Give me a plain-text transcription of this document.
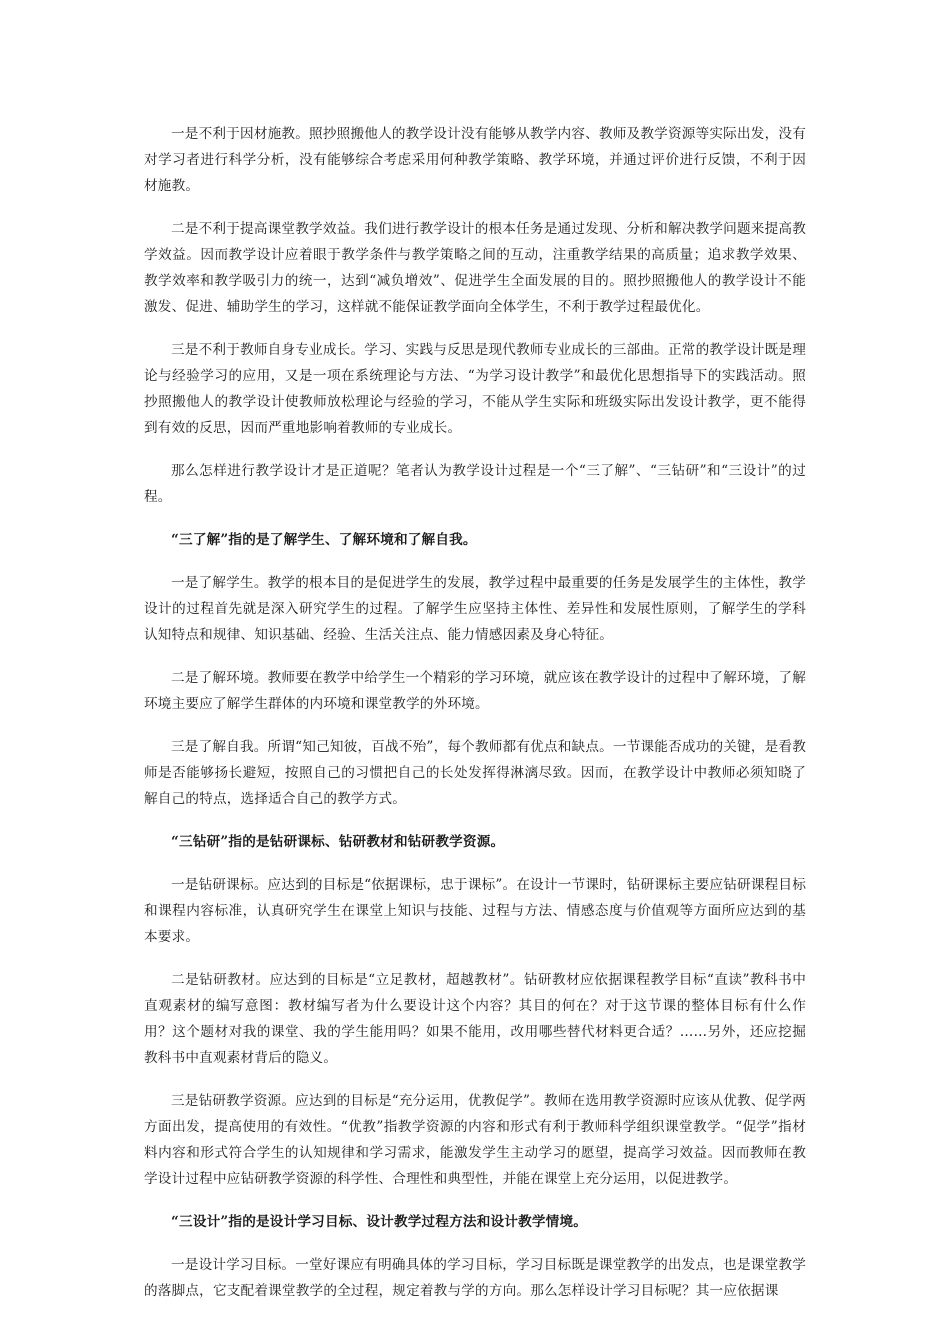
一是不利于因材施教。照抄照搬他人的教学设计没有能够从教学内容、教师及教学资源等实际出发，没有对学习者进行科学分析，没有能够综合考虑采用何种教学策略、教学环境，并通过评价进行反馈，不利于因材施教。

二是不利于提高课堂教学效益。我们进行教学设计的根本任务是通过发现、分析和解决教学问题来提高教学效益。因而教学设计应着眼于教学条件与教学策略之间的互动，注重教学结果的高质量；追求教学效果、教学效率和教学吸引力的统一，达到“减负增效”、促进学生全面发展的目的。照抄照搬他人的教学设计不能激发、促进、辅助学生的学习，这样就不能保证教学面向全体学生，不利于教学过程最优化。

三是不利于教师自身专业成长。学习、实践与反思是现代教师专业成长的三部曲。正常的教学设计既是理论与经验学习的应用，又是一项在系统理论与方法、“为学习设计教学”和最优化思想指导下的实践活动。照抄照搬他人的教学设计使教师放松理论与经验的学习，不能从学生实际和班级实际出发设计教学，更不能得到有效的反思，因而严重地影响着教师的专业成长。

那么怎样进行教学设计才是正道呢？笔者认为教学设计过程是一个“三了解”、“三钻研”和“三设计”的过程。

“三了解”指的是了解学生、了解环境和了解自我。

一是了解学生。教学的根本目的是促进学生的发展，教学过程中最重要的任务是发展学生的主体性，教学设计的过程首先就是深入研究学生的过程。了解学生应坚持主体性、差异性和发展性原则，了解学生的学科认知特点和规律、知识基础、经验、生活关注点、能力情感因素及身心特征。

二是了解环境。教师要在教学中给学生一个精彩的学习环境，就应该在教学设计的过程中了解环境，了解环境主要应了解学生群体的内环境和课堂教学的外环境。

三是了解自我。所谓“知己知彼，百战不殆”，每个教师都有优点和缺点。一节课能否成功的关键，是看教师是否能够扬长避短，按照自己的习惯把自己的长处发挥得淋漓尽致。因而，在教学设计中教师必须知晓了解自己的特点，选择适合自己的教学方式。

“三钻研”指的是钻研课标、钻研教材和钻研教学资源。

一是钻研课标。应达到的目标是“依据课标，忠于课标”。在设计一节课时，钻研课标主要应钻研课程目标和课程内容标准，认真研究学生在课堂上知识与技能、过程与方法、情感态度与价值观等方面所应达到的基本要求。

二是钻研教材。应达到的目标是“立足教材，超越教材”。钻研教材应依据课程教学目标“直读”教科书中直观素材的编写意图：教材编写者为什么要设计这个内容？其目的何在？对于这节课的整体目标有什么作用？这个题材对我的课堂、我的学生能用吗？如果不能用，改用哪些替代材料更合适？……另外，还应挖掘教科书中直观素材背后的隐义。

三是钻研教学资源。应达到的目标是“充分运用，优教促学”。教师在选用教学资源时应该从优教、促学两方面出发，提高使用的有效性。“优教”指教学资源的内容和形式有利于教师科学组织课堂教学。“促学”指材料内容和形式符合学生的认知规律和学习需求，能激发学生主动学习的愿望，提高学习效益。因而教师在教学设计过程中应钻研教学资源的科学性、合理性和典型性，并能在课堂上充分运用，以促进教学。

“三设计”指的是设计学习目标、设计教学过程方法和设计教学情境。

一是设计学习目标。一堂好课应有明确具体的学习目标，学习目标既是课堂教学的出发点，也是课堂教学的落脚点，它支配着课堂教学的全过程，规定着教与学的方向。那么怎样设计学习目标呢？其一应依据课
